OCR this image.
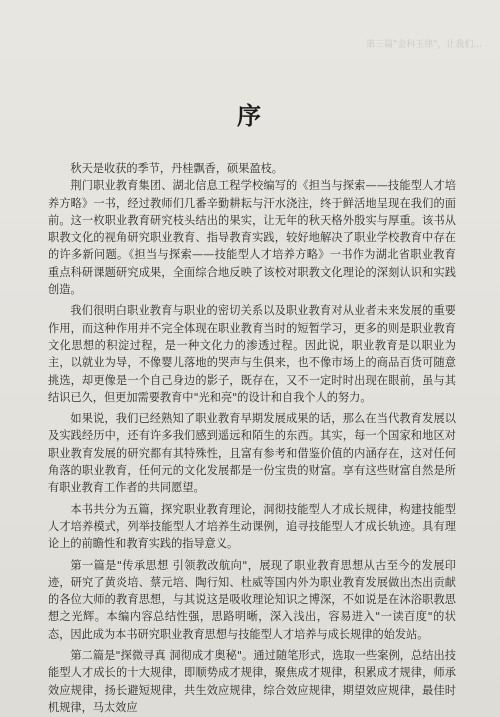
第三篇"金科玉律"，让我们...
序

秋天是收获的季节，丹桂飘香，硕果盈枝。

荆门职业教育集团、湖北信息工程学校编写的《担当与探索——技能型人才培养方略》一书，经过教师们几番辛勤耕耘与汗水浇注，终于鲜活地呈现在我们的面前。这一枚职业教育研究枝头结出的果实，让无年的秋天格外殷实与厚重。该书从职教文化的视角研究职业教育、指导教育实践，较好地解决了职业学校教育中存在的许多新问题。《担当与探索——技能型人才培养方略》一书作为湖北省职业教育重点科研课题研究成果，全面综合地反映了该校对职教文化理论的深刻认识和实践创造。

我们很明白职业教育与职业的密切关系以及职业教育对从业者未来发展的重要作用，而这种作用并不完全体现在职业教育当时的短暂学习，更多的则是职业教育文化思想的积淀过程，是一种文化力的渗透过程。因此说，职业教育是以职业为主，以就业为导，不像婴儿落地的哭声与生俱来，也不像市场上的商品百货可随意挑选，却更像是一个自己身边的影子，既存在，又不一定时时出现在眼前，虽与其结识已久，但更加需要教育中"光和亮"的设计和自我个人的努力。

如果说，我们已经熟知了职业教育早期发展成果的话，那么在当代教育发展以及实践经历中，还有许多我们感到遥远和陌生的东西。其实，每一个国家和地区对职业教育发展的研究都有其特殊性，且富有参考和借鉴价值的内涵存在，这对任何角落的职业教育，任何元的文化发展都是一份宝贵的财富。享有这些财富自然是所有职业教育工作者的共同愿望。

本书共分为五篇，探究职业教育理论，洞彻技能型人才成长规律，构建技能型人才培养模式，列举技能型人才培养生动课例，追寻技能型人才成长轨迹。具有理论上的前瞻性和教育实践的指导意义。

第一篇是"传承思想 引领教改航向"，展现了职业教育思想从古至今的发展印迹，研究了黄炎培、蔡元培、陶行知、杜威等国内外为职业教育发展做出杰出贡献的各位大师的教育思想，与其说这是吸收理论知识之博深，不如说是在沐浴职教思想之光辉。本编内容总结性强，思路明晰，深入浅出，容易进入"一读百度"的状态，因此成为本书研究职业教育思想与技能型人才培养与成长规律的始发站。

第二篇是"探微寻真 洞彻成才奥秘"。通过随笔形式，选取一些案例，总结出技能型人才成长的十大规律，即顺势成才规律，聚焦成才规律，积累成才规律，师承效应规律，扬长避短规律，共生效应规律，综合效应规律，期望效应规律，最佳时机规律，马太效应
